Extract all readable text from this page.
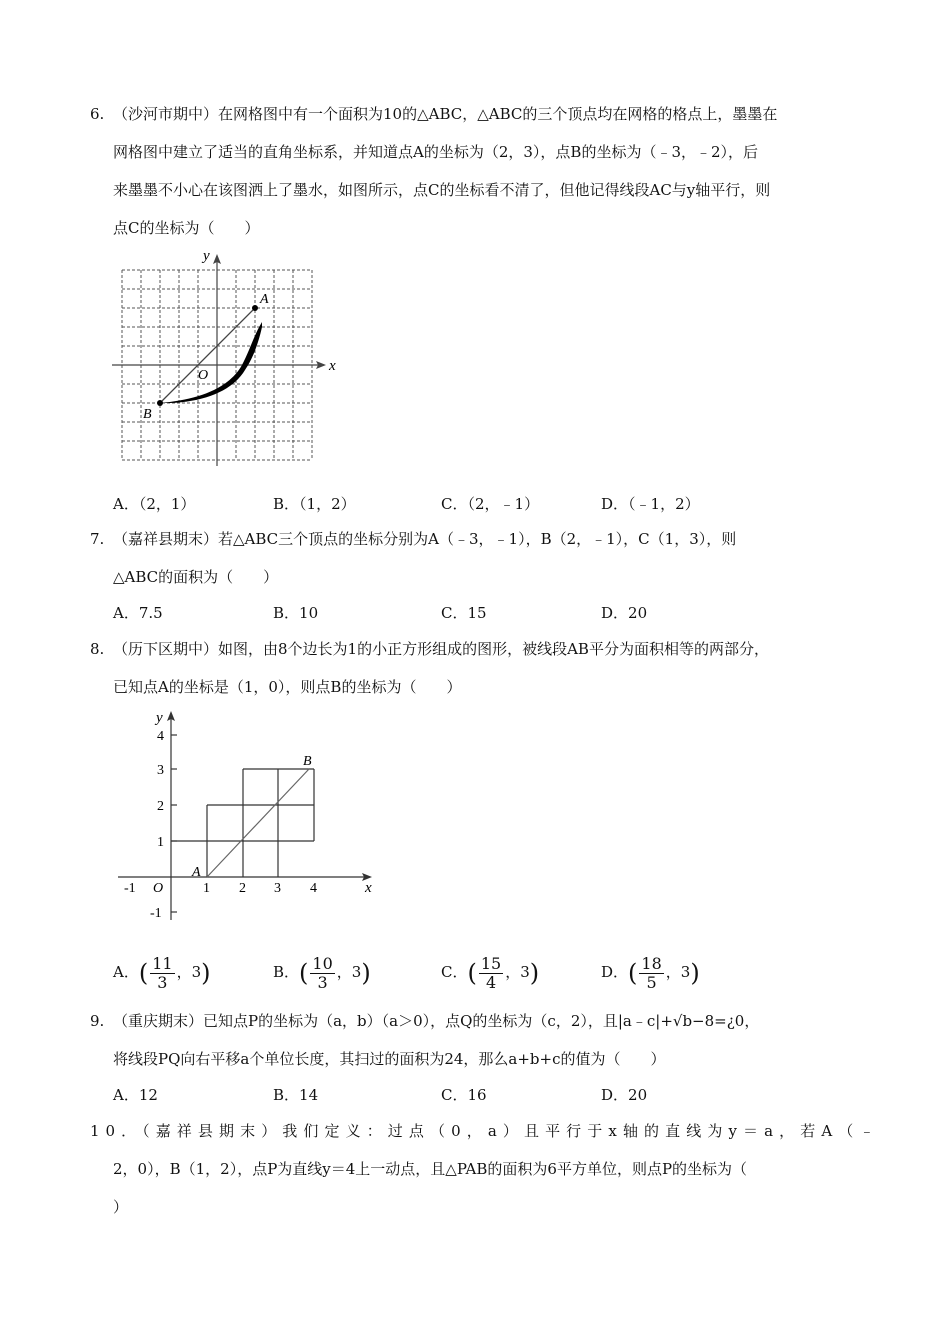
6. （沙河市期中）在网格图中有一个面积为10的△ABC，△ABC的三个顶点均在网格的格点上，墨墨在
网格图中建立了适当的直角坐标系，并知道点A的坐标为（2，3），点B的坐标为（﹣3，﹣2），后
来墨墨不小心在该图洒上了墨水，如图所示，点C的坐标看不清了，但他记得线段AC与y轴平行，则
点C的坐标为（　　）
y
x
A
B
O
A．（2，1）	B．（1，2）	C．（2，﹣1）	D．（﹣1，2）
7. （嘉祥县期末）若△ABC三个顶点的坐标分别为A（﹣3，﹣1），B（2，﹣1），C（1，3），则
△ABC的面积为（　　）
A．7.5	B．10	C．15	D．20
8. （历下区期中）如图，由8个边长为1的小正方形组成的图形，被线段AB平分为面积相等的两部分，
已知点A的坐标是（1，0），则点B的坐标为（　　）
y
x
A
B
O
-1	1 2 3 4
4
3
2
1
-1
A．( $\frac{11}{3}$ ，3)	B．( $\frac{10}{3}$ ，3)	C．( $\frac{15}{4}$ ，3)	D．( $\frac{18}{5}$ ，3)
9. （重庆期末）已知点P的坐标为（a，b）（a＞0），点Q的坐标为（c，2），且|a﹣c|+√b−8=¿0，
将线段PQ向右平移a个单位长度，其扫过的面积为24，那么a+b+c的值为（　　）
A．12	B．14	C．16	D．20
10．（嘉祥县期末）我们定义：过点（0，a）且平行于x轴的直线为y＝a，若A（﹣
2，0），B（1，2），点P为直线y＝4上一动点，且△PAB的面积为6平方单位，则点P的坐标为（
）
